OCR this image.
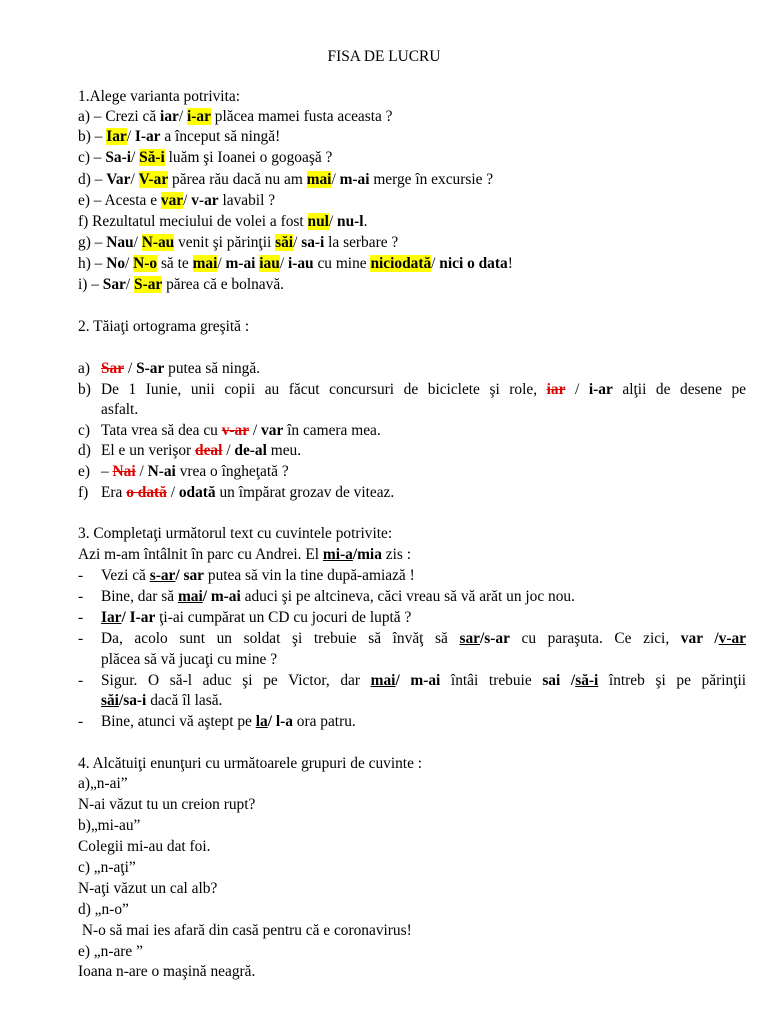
FISA DE LUCRU
1.Alege varianta potrivita:
a) – Crezi că iar/ i-ar plăcea mamei fusta aceasta ?
b) – Iar/ I-ar a început să ningă!
c) – Sa-i/ Să-i luăm şi Ioanei o gogoaşă ?
d) – Var/ V-ar părea rău dacă nu am mai/ m-ai merge în excursie ?
e) – Acesta e var/ v-ar lavabil ?
f) Rezultatul meciului de volei a fost nul/ nu-l.
g) – Nau/ N-au venit şi părinţii săi/ sa-i la serbare ?
h) – No/ N-o să te mai/ m-ai iau/ i-au cu mine niciodată/ nici o data!
i) – Sar/ S-ar părea că e bolnavă.
2. Tăiaţi ortograma greşită :
a) Sar / S-ar putea să ningă.
b) De 1 Iunie, unii copii au făcut concursuri de biciclete şi role, iar / i-ar alţii de desene pe
asfalt.
c) Tata vrea să dea cu v-ar / var în camera mea.
d) El e un verişor deal / de-al meu.
e) – Nai / N-ai vrea o îngheţată ?
f) Era o dată / odată un împărat grozav de viteaz.
3. Completaţi următorul text cu cuvintele potrivite:
Azi m-am întâlnit în parc cu Andrei. El mi-a/mia zis :
- Vezi că s-ar/ sar putea să vin la tine după-amiază !
- Bine, dar să mai/ m-ai aduci şi pe altcineva, căci vreau să vă arăt un joc nou.
- Iar/ I-ar ţi-ai cumpărat un CD cu jocuri de luptă ?
- Da, acolo sunt un soldat şi trebuie să învăţ să sar/s-ar cu paraşuta. Ce zici, var /v-ar
plăcea să vă jucaţi cu mine ?
- Sigur. O să-l aduc şi pe Victor, dar mai/ m-ai întâi trebuie sai /să-i întreb şi pe părinţii
săi/sa-i dacă îl lasă.
- Bine, atunci vă aştept pe la/ l-a ora patru.
4. Alcătuiţi enunţuri cu următoarele grupuri de cuvinte :
a)„n-ai”
N-ai văzut tu un creion rupt?
b)„mi-au”
Colegii mi-au dat foi.
c) „n-aţi”
N-aţi văzut un cal alb?
d) „n-o”
N-o să mai ies afară din casă pentru că e coronavirus!
e) „n-are ”
Ioana n-are o maşină neagră.
